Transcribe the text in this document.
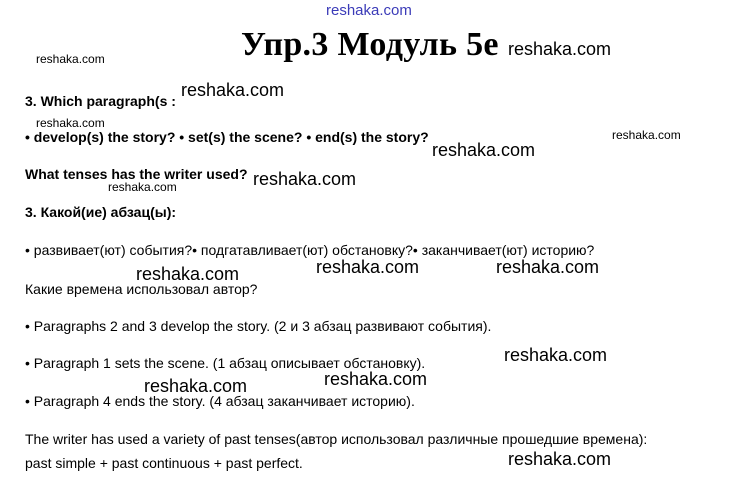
reshaka.com
Упр.3 Модуль 5e
3. Which paragraph(s :
• develop(s) the story? • set(s) the scene? • end(s) the story?
What tenses has the writer used?
3. Какой(ие) абзац(ы):
• развивает(ют) события?• подгатавливает(ют) обстановку?• заканчивает(ют) историю?
Какие времена использовал автор?
• Paragraphs 2 and 3 develop the story. (2 и 3 абзац развивают события).
• Paragraph 1 sets the scene. (1 абзац описывает обстановку).
• Paragraph 4 ends the story. (4 абзац заканчивает историю).
The writer has used a variety of past tenses(автор использовал различные прошедшие времена):
past simple + past continuous + past perfect.
reshaka.com	reshaka.com
reshaka.com
reshaka.com
reshaka.com
reshaka.com
reshaka.com
reshaka.com
reshaka.com	reshaka.com	reshaka.com
reshaka.com
reshaka.com
reshaka.com
reshaka.com
